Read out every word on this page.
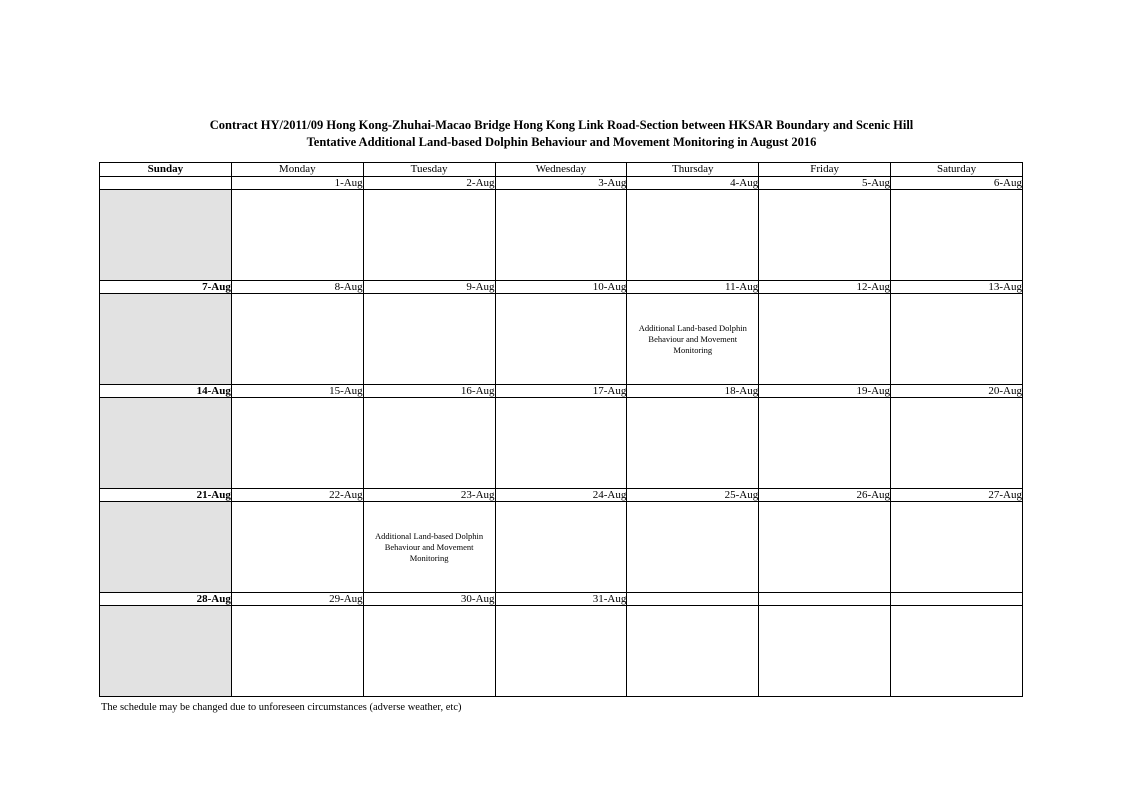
Contract HY/2011/09 Hong Kong-Zhuhai-Macao Bridge Hong Kong Link Road-Section between HKSAR Boundary and Scenic Hill
Tentative Additional Land-based Dolphin Behaviour and Movement Monitoring in August 2016
Sunday	Monday	Tuesday	Wednesday	Thursday	Friday	Saturday
	1-Aug	2-Aug	3-Aug	4-Aug	5-Aug	6-Aug

7-Aug	8-Aug	9-Aug	10-Aug	11-Aug	12-Aug	13-Aug

				Additional Land-based Dolphin Behaviour and Movement Monitoring		

14-Aug	15-Aug	16-Aug	17-Aug	18-Aug	19-Aug	20-Aug

21-Aug	22-Aug	23-Aug	24-Aug	25-Aug	26-Aug	27-Aug

		Additional Land-based Dolphin Behaviour and Movement Monitoring				

28-Aug	29-Aug	30-Aug	31-Aug			

The schedule may be changed due to unforeseen circumstances (adverse weather, etc)
